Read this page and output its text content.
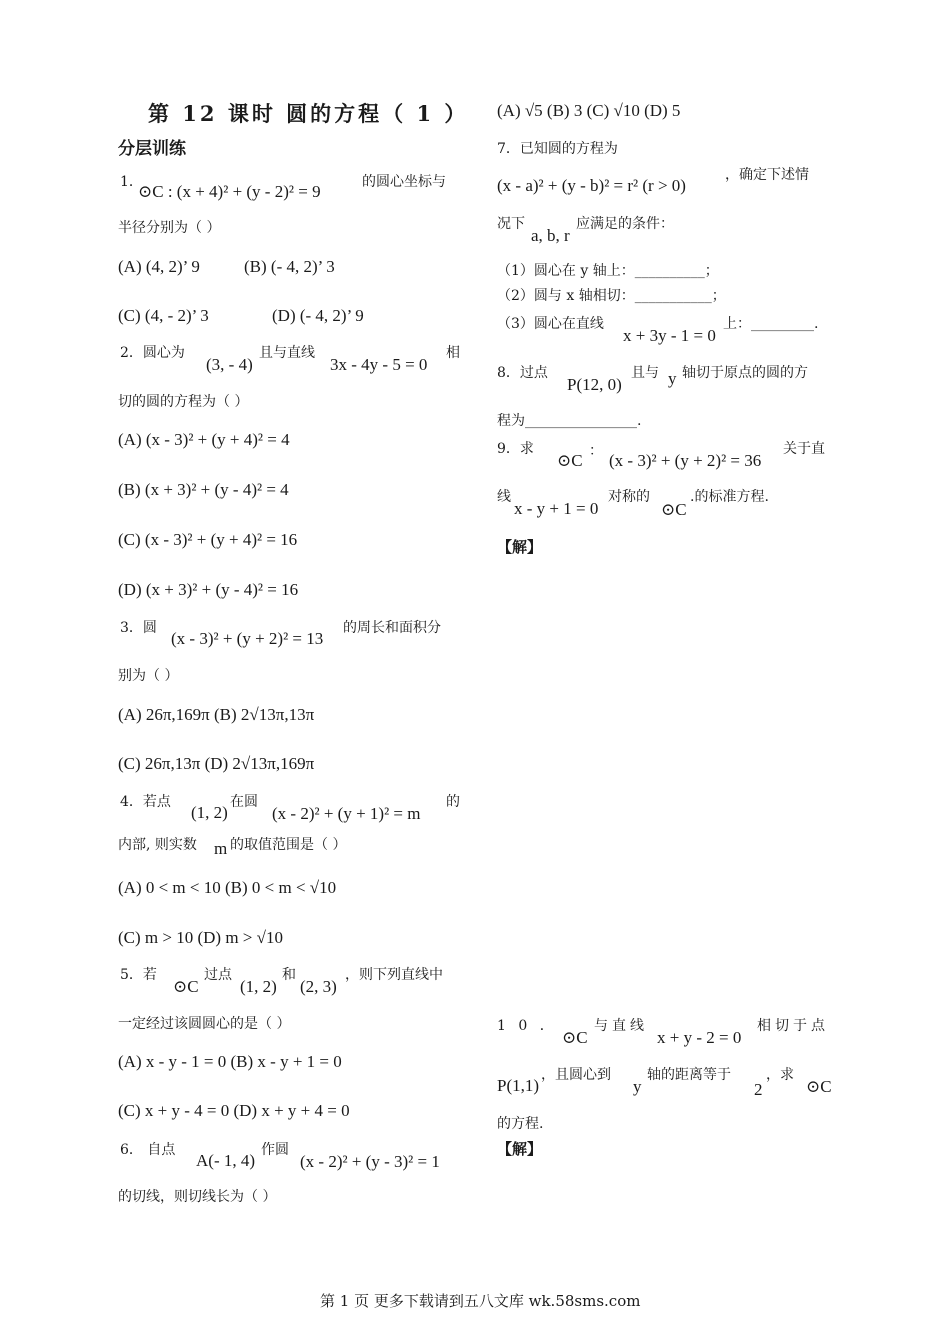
第 12 课时 圆的方程（ 1 ）
分层训练
1．
⊙C : (x + 4)² + (y - 2)² = 9	的圆心坐标与
半径分别为（ ）
(A) (4, 2)’ 9	(B) (- 4, 2)’ 3
(C) (4, - 2)’ 3	(D) (- 4, 2)’ 9
2．圆心为
(3, - 4)
且与直线
3x - 4y - 5 = 0
相
切的圆的方程为（ ）
(A) (x - 3)² + (y + 4)² = 4
(B) (x + 3)² + (y - 4)² = 4
(C) (x - 3)² + (y + 4)² = 16
(D) (x + 3)² + (y - 4)² = 16
3．圆
(x - 3)² + (y + 2)² = 13
的周长和面积分
别为（ ）
(A) 26π,169π (B) 2√13π,13π
(C) 26π,13π (D) 2√13π,169π
4．若点
(1, 2)
在圆
(x - 2)² + (y + 1)² = m
的
内部, 则实数 m 的取值范围是（ ）
(A) 0 < m < 10 (B) 0 < m < √10
(C) m > 10 (D) m > √10
5．若
⊙C
过点
(1, 2)
和
(2, 3)
，则下列直线中
一定经过该圆圆心的是（ ）
(A) x - y - 1 = 0 (B) x - y + 1 = 0
(C) x + y - 4 = 0 (D) x + y + 4 = 0
6． 自点
A(- 1, 4)
作圆
(x - 2)² + (y - 3)² = 1
的切线，则切线长为（ ）
(A) √5 (B) 3 (C) √10 (D) 5
7．已知圆的方程为
(x - a)² + (y - b)² = r² (r > 0)
，确定下述情
况下
a, b, r
应满足的条件：
（1）圆心在 y 轴上：__________；
（2）圆与 x 轴相切：___________；
（3）圆心在直线
x + 3y - 1 = 0
上：_________.
8．过点
P(12, 0)
且与 y 轴切于原点的圆的方
程为________________.
9．求
⊙C ： (x - 3)² + (y + 2)² = 36
关于直
线
x - y + 1 = 0
对称的
⊙C
.的标准方程.
【解】
1 0 ．
⊙C
与直线
x + y - 2 = 0
相切于点
P(1,1)
，且圆心到
y
轴的距离等于
2
，求
⊙C
的方程.
【解】
第 1 页 更多下载请到五八文库 wk.58sms.com
